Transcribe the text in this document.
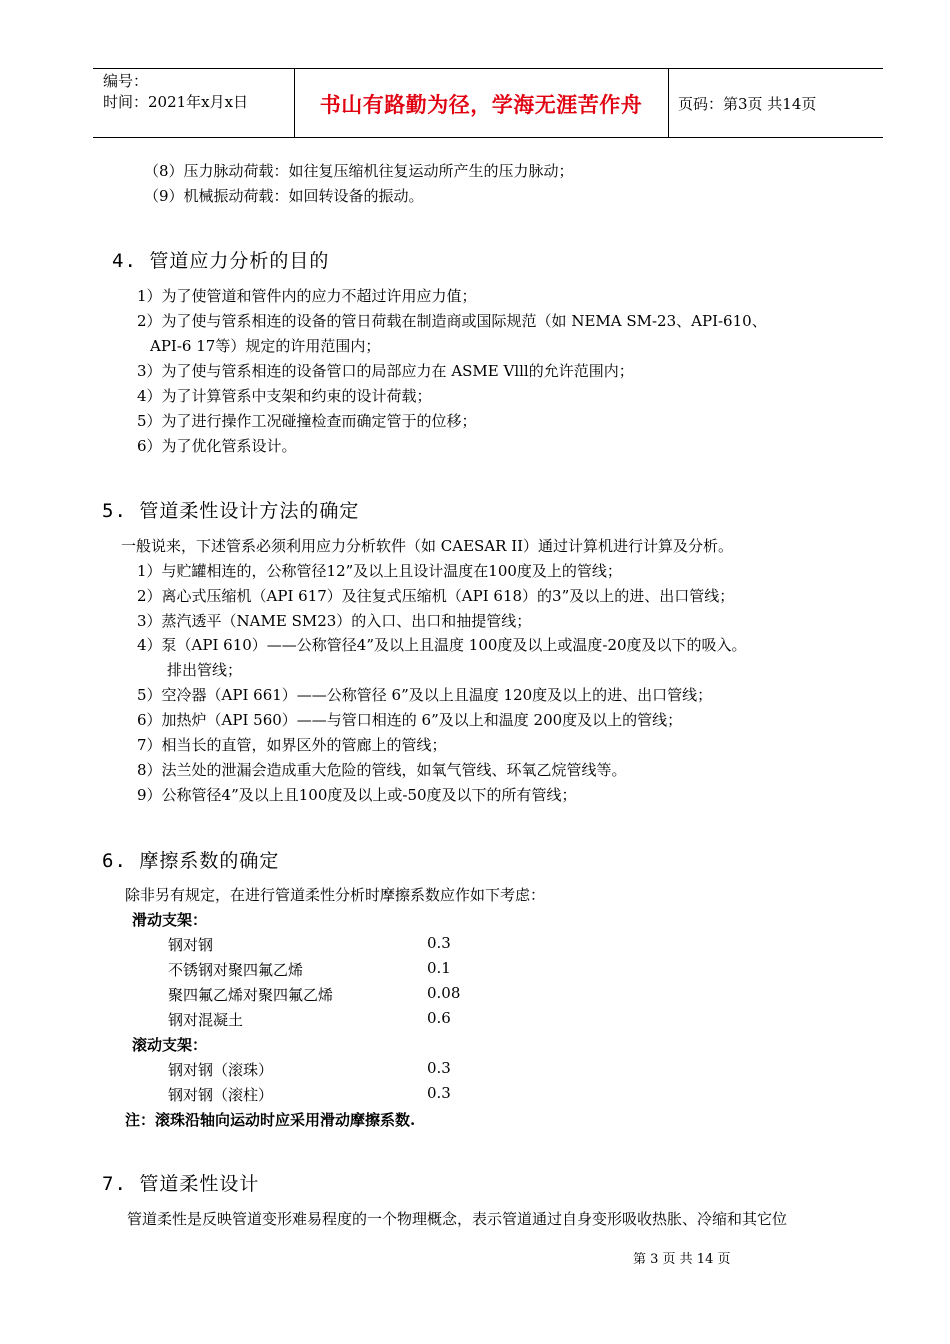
编号：
时间：2021年x月x日	书山有路勤为径，学海无涯苦作舟	页码：第3页 共14页
（8）压力脉动荷载：如往复压缩机往复运动所产生的压力脉动；
（9）机械振动荷载：如回转设备的振动。
4. 管道应力分析的目的
1）为了使管道和管件内的应力不超过许用应力值；
2）为了使与管系相连的设备的管日荷载在制造商或国际规范（如 NEMA SM-23、API-610、
API-6 17等）规定的许用范围内；
3）为了使与管系相连的设备管口的局部应力在 ASME Vlll的允许范围内；
4）为了计算管系中支架和约束的设计荷载；
5）为了进行操作工况碰撞检查而确定管于的位移；
6）为了优化管系设计。
5. 管道柔性设计方法的确定
一般说来，下述管系必须利用应力分析软件（如 CAESAR II）通过计算机进行计算及分析。
1）与贮罐相连的，公称管径12”及以上且设计温度在100度及上的管线；
2）离心式压缩机（API 617）及往复式压缩机（API 618）的3”及以上的进、出口管线；
3）蒸汽透平（NAME SM23）的入口、出口和抽提管线；
4）泵（API 610）——公称管径4”及以上且温度 100度及以上或温度-20度及以下的吸入。
排出管线；
5）空冷器（API 661）——公称管径 6”及以上且温度 120度及以上的进、出口管线；
6）加热炉（API 560）——与管口相连的 6”及以上和温度 200度及以上的管线；
7）相当长的直管，如界区外的管廊上的管线；
8）法兰处的泄漏会造成重大危险的管线，如氧气管线、环氧乙烷管线等。
9）公称管径4”及以上且100度及以上或-50度及以下的所有管线；
6. 摩擦系数的确定
除非另有规定，在进行管道柔性分析时摩擦系数应作如下考虑：
滑动支架：
钢对钢	0.3
不锈钢对聚四氟乙烯	0.1
聚四氟乙烯对聚四氟乙烯	0.08
钢对混凝土	0.6
滚动支架：
钢对钢（滚珠）	0.3
钢对钢（滚柱）	0.3
注：滚珠沿轴向运动时应采用滑动摩擦系数.
7. 管道柔性设计
管道柔性是反映管道变形难易程度的一个物理概念，表示管道通过自身变形吸收热胀、冷缩和其它位
第 3 页 共 14 页
